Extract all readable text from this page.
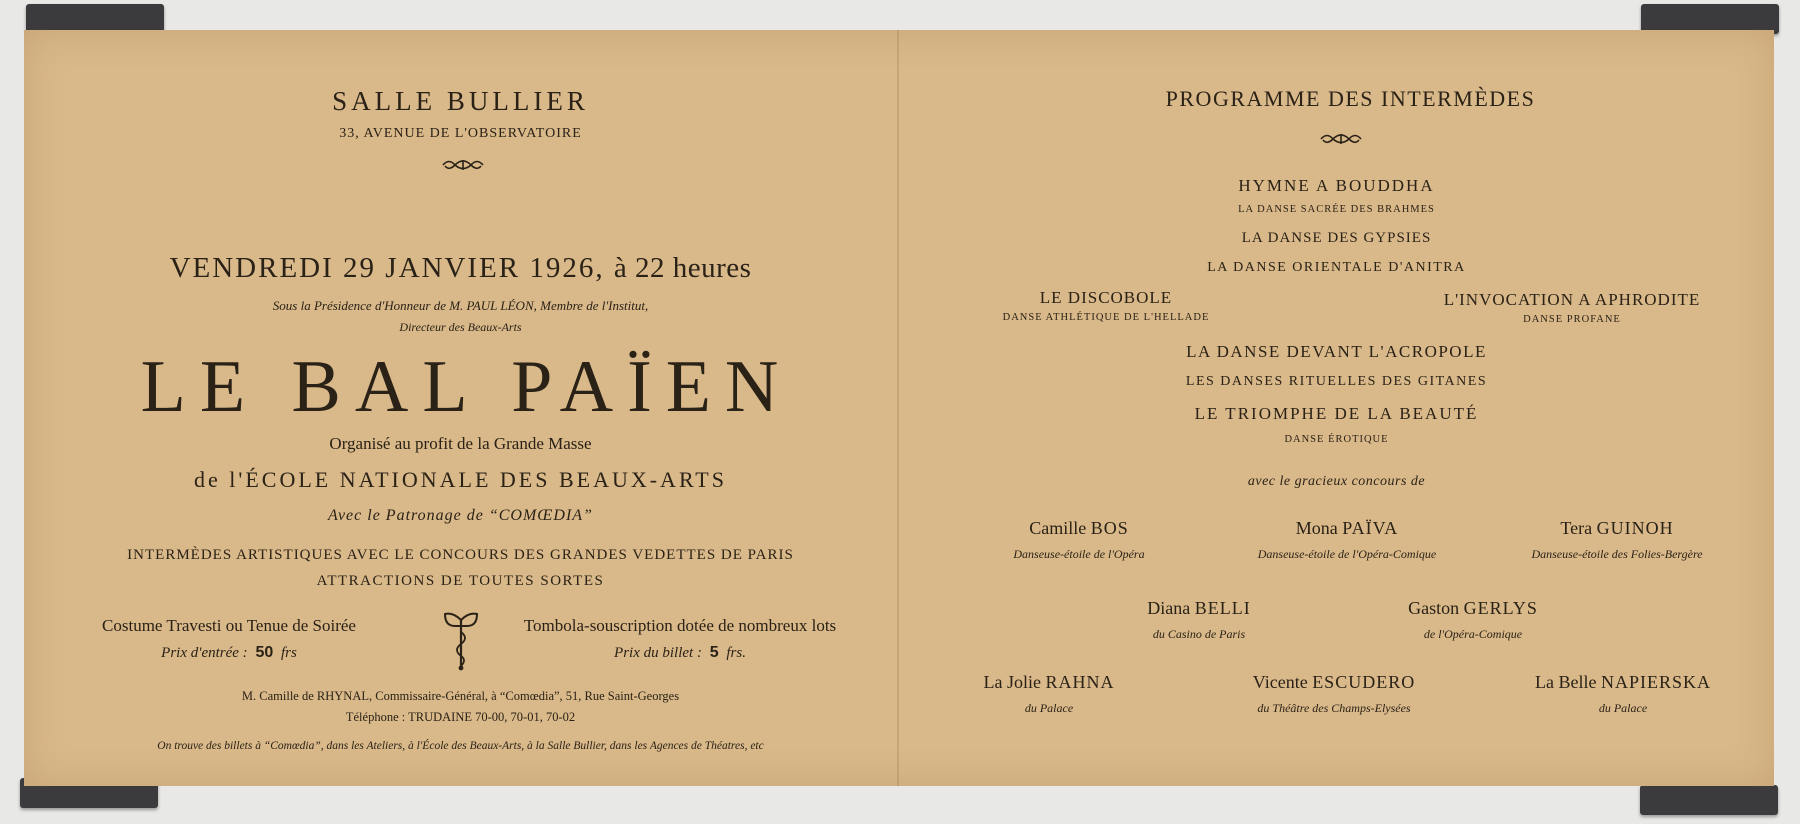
SALLE BULLIER
33, AVENUE DE L'OBSERVATOIRE
VENDREDI 29 JANVIER 1926, à 22 heures
Sous la Présidence d'Honneur de M. PAUL LÉON, Membre de l'Institut,
Directeur des Beaux-Arts
LE BAL PAÏEN
Organisé au profit de la Grande Masse
de l'ÉCOLE NATIONALE DES BEAUX-ARTS
Avec le Patronage de “COMŒDIA”
INTERMÈDES ARTISTIQUES AVEC LE CONCOURS DES GRANDES VEDETTES DE PARIS
ATTRACTIONS DE TOUTES SORTES
Costume Travesti ou Tenue de Soirée
Prix d'entrée : 50 frs
Tombola-souscription dotée de nombreux lots
Prix du billet : 5 frs.
M. Camille de RHYNAL, Commissaire-Général, à “Comœdia”, 51, Rue Saint-Georges
Téléphone : TRUDAINE 70-00, 70-01, 70-02
On trouve des billets à “Comœdia”, dans les Ateliers, à l'École des Beaux-Arts, à la Salle Bullier, dans les Agences de Théatres, etc
PROGRAMME DES INTERMÈDES
HYMNE A BOUDDHA
LA DANSE SACRÉE DES BRAHMES
LA DANSE DES GYPSIES
LA DANSE ORIENTALE D'ANITRA
LE DISCOBOLE
DANSE ATHLÉTIQUE DE L'HELLADE
L'INVOCATION A APHRODITE
DANSE PROFANE
LA DANSE DEVANT L'ACROPOLE
LES DANSES RITUELLES DES GITANES
LE TRIOMPHE DE LA BEAUTÉ
DANSE ÉROTIQUE
avec le gracieux concours de
Camille BOS
Danseuse-étoile de l'Opéra
Mona PAÏVA
Danseuse-étoile de l'Opéra-Comique
Tera GUINOH
Danseuse-étoile des Folies-Bergère
Diana BELLI
du Casino de Paris
Gaston GERLYS
de l'Opéra-Comique
La Jolie RAHNA
du Palace
Vicente ESCUDERO
du Théâtre des Champs-Elysées
La Belle NAPIERSKA
du Palace
